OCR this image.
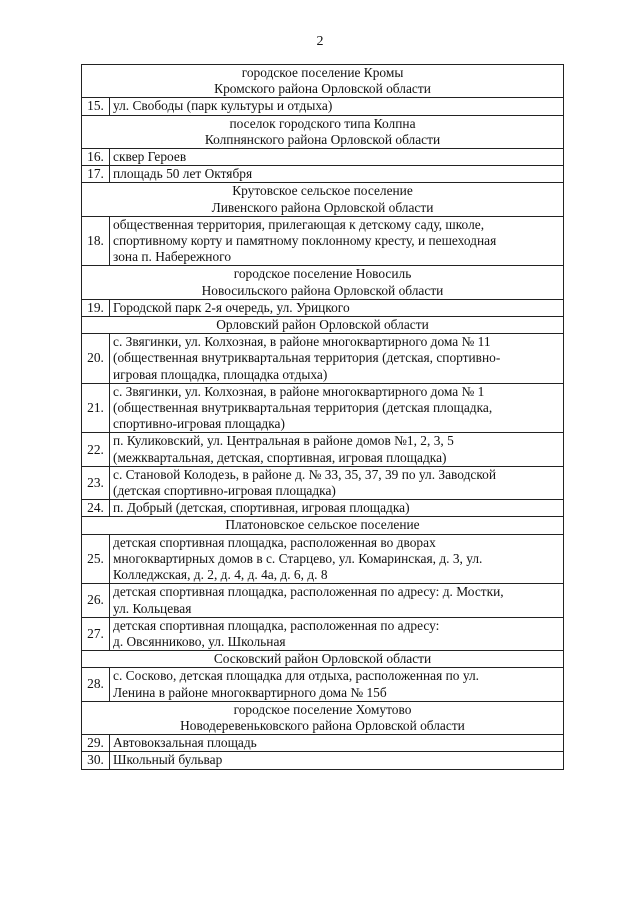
2
городское поселение Кромы
Кромского района Орловской области	

15.	ул. Свободы (парк культуры и отдыха)

поселок городского типа Колпна
Колпнянского района Орловской области	

16.	сквер Героев

17.	площадь 50 лет Октября

Крутовское сельское поселение
Ливенского района Орловской области	

18.	общественная территория, прилегающая к детскому саду, школе,
спортивному корту и памятному поклонному кресту, и пешеходная
зона п. Набережного

городское поселение Новосиль
Новосильского района Орловской области	

19.	Городской парк 2-я очередь, ул. Урицкого

Орловский район Орловской области	

20.	с. Звягинки, ул. Колхозная, в районе многоквартирного дома № 11
(общественная внутриквартальная территория (детская, спортивно-
игровая площадка, площадка отдыха)

21.	с. Звягинки, ул. Колхозная, в районе многоквартирного дома № 1
(общественная внутриквартальная территория (детская площадка,
спортивно-игровая площадка)

22.	п. Куликовский, ул. Центральная в районе домов №1, 2, 3, 5
(межквартальная, детская, спортивная, игровая площадка)

23.	с. Становой Колодезь, в районе д. № 33, 35, 37, 39 по ул. Заводской
(детская спортивно-игровая площадка)

24.	п. Добрый (детская, спортивная, игровая площадка)

Платоновское сельское поселение	

25.	детская спортивная площадка, расположенная во дворах
многоквартирных домов в с. Старцево, ул. Комаринская, д. 3, ул.
Колледжская, д. 2, д. 4, д. 4а, д. 6, д. 8

26.	детская спортивная площадка, расположенная по адресу: д. Мостки,
ул. Кольцевая

27.	детская спортивная площадка, расположенная по адресу:
д. Овсянниково, ул. Школьная

Сосковский район Орловской области	

28.	с. Сосково, детская площадка для отдыха, расположенная по ул.
Ленина в районе многоквартирного дома № 15б

городское поселение Хомутово
Новодеревеньковского района Орловской области	

29.	Автовокзальная площадь

30.	Школьный бульвар
